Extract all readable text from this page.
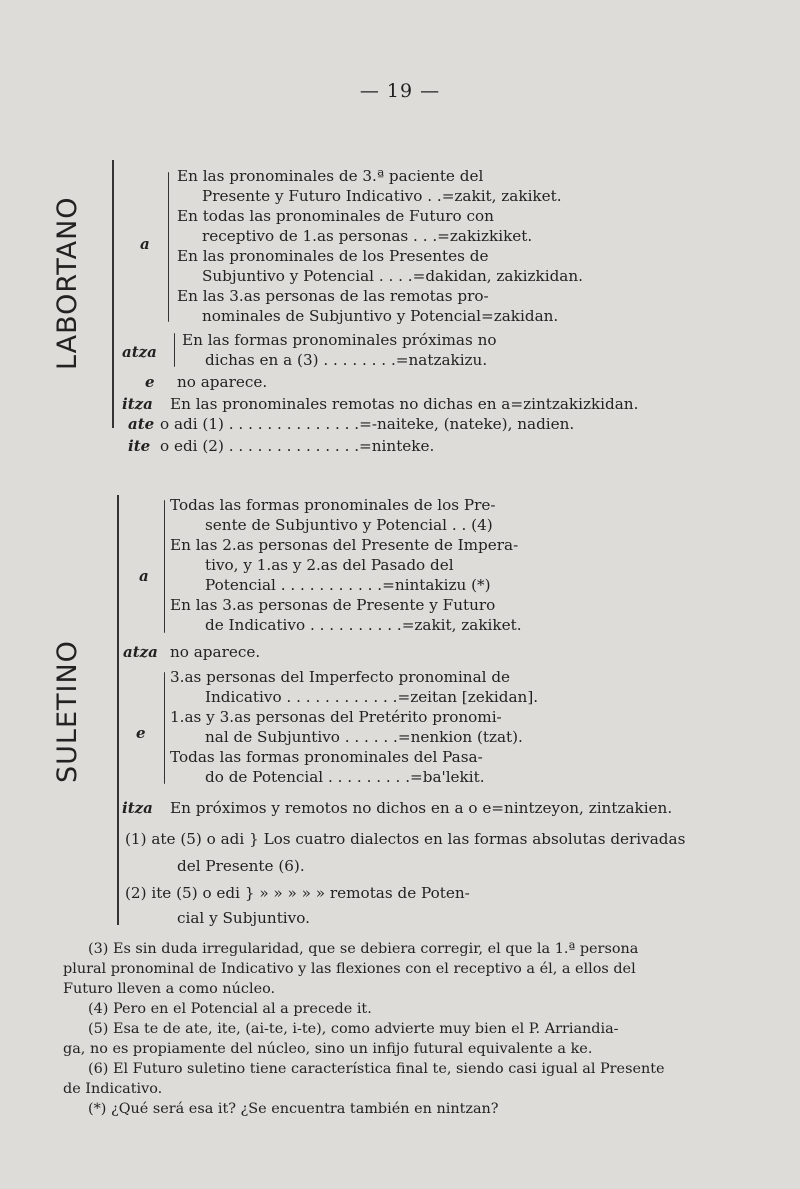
— 19 —
LABORTANO	a
En las pronominales de 3.ª paciente del
Presente y Futuro Indicativo . .=zakit, zakiket.
En todas las pronominales de Futuro con
receptivo de 1.as personas . . .=zakizkiket.
En las pronominales de los Presentes de
Subjuntivo y Potencial . . . .=dakidan, zakizkidan.
En las 3.as personas de las remotas pro-
nominales de Subjuntivo y Potencial=zakidan.
atza
En las formas pronominales próximas no
dichas en a (3) . . . . . . . .=natzakizu.
e no aparece.
itza En las pronominales remotas no dichas en a=zintzakizkidan.
ate o adi (1) . . . . . . . . . . . . . .=-naiteke, (nateke), nadien.
ite o edi (2) . . . . . . . . . . . . . .=ninteke.
SULETINO
a
Todas las formas pronominales de los Pre-
sente de Subjuntivo y Potencial . . (4)
En las 2.as personas del Presente de Impera-
tivo, y 1.as y 2.as del Pasado del
Potencial . . . . . . . . . . .=nintakizu (*)
En las 3.as personas de Presente y Futuro
de Indicativo . . . . . . . . . .=zakit, zakiket.
atza no aparece.
e
3.as personas del Imperfecto pronominal de
Indicativo . . . . . . . . . . . .=zeitan [zekidan].
1.as y 3.as personas del Pretérito pronomi-
nal de Subjuntivo . . . . . .=nenkion (tzat).
Todas las formas pronominales del Pasa-
do de Potencial . . . . . . . . .=ba'lekit.
itza En próximos y remotos no dichos en a o e=nintzeyon, zintzakien.
(1) ate (5) o adi } Los cuatro dialectos en las formas absolutas derivadas
del Presente (6).
(2) ite (5) o edi } » » » » » remotas de Poten-
cial y Subjuntivo.
(3) Es sin duda irregularidad, que se debiera corregir, el que la 1.ª persona
plural pronominal de Indicativo y las flexiones con el receptivo a él, a ellos del
Futuro lleven a como núcleo.
(4) Pero en el Potencial al a precede it.
(5) Esa te de ate, ite, (ai-te, i-te), como advierte muy bien el P. Arriandia-
ga, no es propiamente del núcleo, sino un infijo futural equivalente a ke.
(6) El Futuro suletino tiene característica final te, siendo casi igual al Presente
de Indicativo.
(*) ¿Qué será esa it? ¿Se encuentra también en nintzan?
